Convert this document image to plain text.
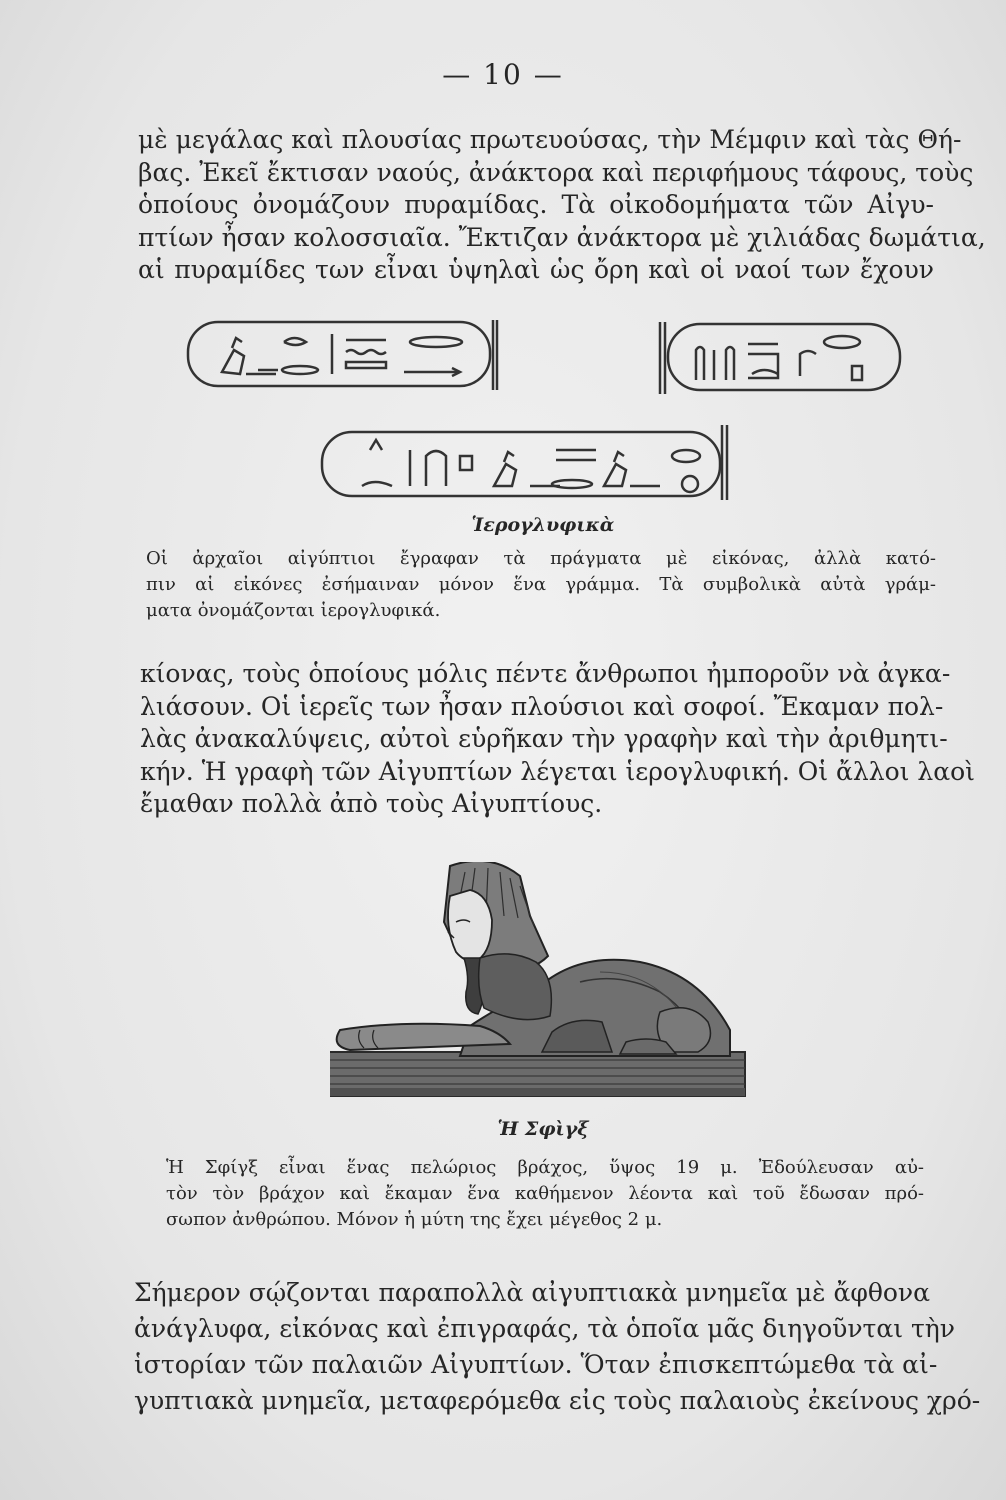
— 10 —
μὲ μεγάλας καὶ πλουσίας πρωτευούσας, τὴν Μέμφιν καὶ τὰς Θή-
βας. Ἐκεῖ ἔκτισαν ναούς, ἀνάκτορα καὶ περιφήμους τάφους, τοὺς
ὁποίους ὀνομάζουν πυραμίδας. Τὰ οἰκοδομήματα τῶν Αἰγυ-
πτίων ἦσαν κολοσσιαῖα. Ἔκτιζαν ἀνάκτορα μὲ χιλιάδας δωμάτια,
αἱ πυραμίδες των εἶναι ὑψηλαὶ ὡς ὄρη καὶ οἱ ναοί των ἔχουν
Ἱερογλυφικὰ
Οἱ ἀρχαῖοι αἰγύπτιοι ἔγραφαν τὰ πράγματα μὲ εἰκόνας, ἀλλὰ κατό-
πιν αἱ εἰκόνες ἐσήμαιναν μόνον ἕνα γράμμα. Τὰ συμβολικὰ αὐτὰ γράμ-
ματα ὀνομάζονται ἱερογλυφικά.
κίονας, τοὺς ὁποίους μόλις πέντε ἄνθρωποι ἠμποροῦν νὰ ἀγκα-
λιάσουν. Οἱ ἱερεῖς των ἦσαν πλούσιοι καὶ σοφοί. Ἔκαμαν πολ-
λὰς ἀνακαλύψεις, αὐτοὶ εὑρῆκαν τὴν γραφὴν καὶ τὴν ἀριθμητι-
κήν. Ἡ γραφὴ τῶν Αἰγυπτίων λέγεται ἱερογλυφική. Οἱ ἄλλοι λαοὶ
ἔμαθαν πολλὰ ἀπὸ τοὺς Αἰγυπτίους.
Ἡ Σφὶγξ
Ἡ Σφίγξ εἶναι ἕνας πελώριος βράχος, ὕψος 19 μ. Ἐδούλευσαν αὐ-
τὸν τὸν βράχον καὶ ἔκαμαν ἕνα καθήμενον λέοντα καὶ τοῦ ἔδωσαν πρό-
σωπον ἀνθρώπου. Μόνον ἡ μύτη της ἔχει μέγεθος 2 μ.
Σήμερον σῴζονται παραπολλὰ αἰγυπτιακὰ μνημεῖα μὲ ἄφθονα
ἀνάγλυφα, εἰκόνας καὶ ἐπιγραφάς, τὰ ὁποῖα μᾶς διηγοῦνται τὴν
ἱστορίαν τῶν παλαιῶν Αἰγυπτίων. Ὅταν ἐπισκεπτώμεθα τὰ αἰ-
γυπτιακὰ μνημεῖα, μεταφερόμεθα εἰς τοὺς παλαιοὺς ἐκείνους χρό-
